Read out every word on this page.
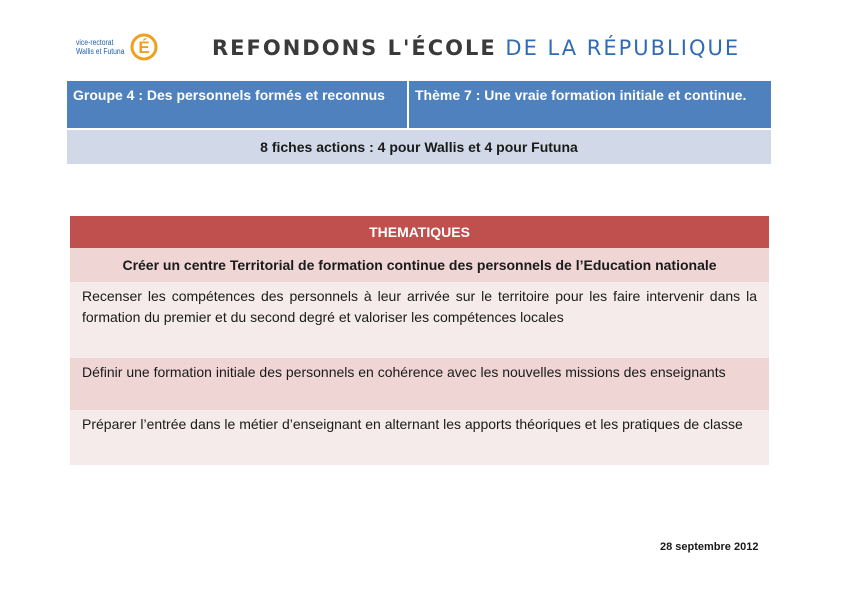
vice-rectorat
Wallis et Futuna É	REFONDONS L'ÉCOLE DE LA RÉPUBLIQUE
Groupe 4 : Des personnels formés et reconnus	Thème 7 : Une vraie formation initiale et continue.
8 fiches actions : 4 pour Wallis et 4 pour Futuna
THEMATIQUES
Créer un centre Territorial de formation continue des personnels de l’Education nationale
Recenser les compétences des personnels à leur arrivée sur le territoire pour les faire intervenir dans la formation du premier et du second degré et valoriser les compétences locales
Définir une formation initiale des personnels en cohérence avec les nouvelles missions des enseignants
Préparer l’entrée dans le métier d’enseignant en alternant les apports théoriques et les pratiques de classe
28 septembre 2012
